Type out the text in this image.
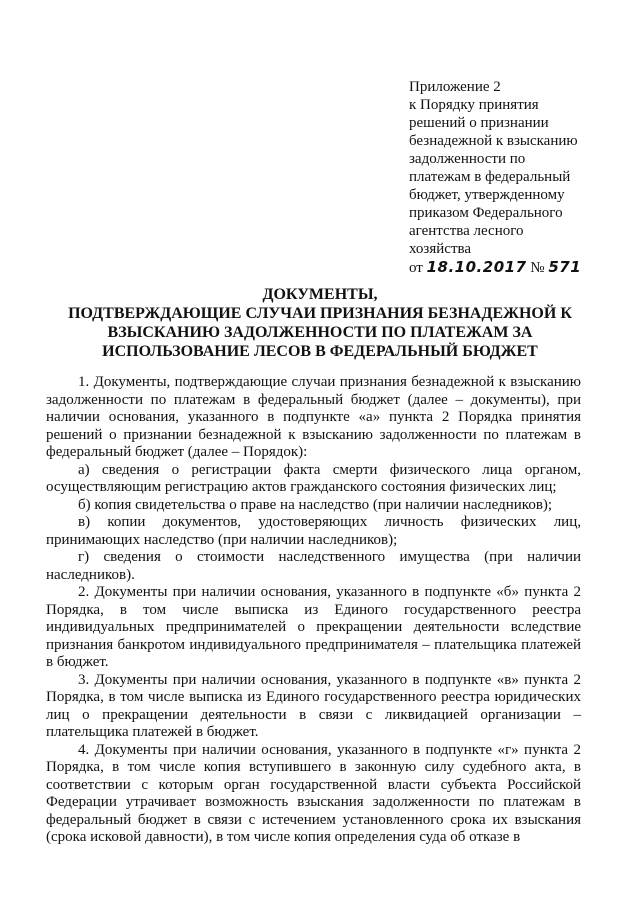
Приложение 2
к Порядку принятия
решений о признании
безнадежной к взысканию
задолженности по
платежам в федеральный
бюджет, утвержденному
приказом Федерального
агентства лесного
хозяйства
от 18.10.2017 № 571
ДОКУМЕНТЫ,
ПОДТВЕРЖДАЮЩИЕ СЛУЧАИ ПРИЗНАНИЯ БЕЗНАДЕЖНОЙ К
ВЗЫСКАНИЮ ЗАДОЛЖЕННОСТИ ПО ПЛАТЕЖАМ ЗА
ИСПОЛЬЗОВАНИЕ ЛЕСОВ В ФЕДЕРАЛЬНЫЙ БЮДЖЕТ

1. Документы, подтверждающие случаи признания безнадежной к взысканию задолженности по платежам в федеральный бюджет (далее – документы), при наличии основания, указанного в подпункте «а» пункта 2 Порядка принятия решений о признании безнадежной к взысканию задолженности по платежам в федеральный бюджет (далее – Порядок):

а) сведения о регистрации факта смерти физического лица органом, осуществляющим регистрацию актов гражданского состояния физических лиц;

б) копия свидетельства о праве на наследство (при наличии наследников);

в) копии документов, удостоверяющих личность физических лиц, принимающих наследство (при наличии наследников);

г) сведения о стоимости наследственного имущества (при наличии наследников).

2. Документы при наличии основания, указанного в подпункте «б» пункта 2 Порядка, в том числе выписка из Единого государственного реестра индивидуальных предпринимателей о прекращении деятельности вследствие признания банкротом индивидуального предпринимателя – плательщика платежей в бюджет.

3. Документы при наличии основания, указанного в подпункте «в» пункта 2 Порядка, в том числе выписка из Единого государственного реестра юридических лиц о прекращении деятельности в связи с ликвидацией организации – плательщика платежей в бюджет.

4. Документы при наличии основания, указанного в подпункте «г» пункта 2 Порядка, в том числе копия вступившего в законную силу судебного акта, в соответствии с которым орган государственной власти субъекта Российской Федерации утрачивает возможность взыскания задолженности по платежам в федеральный бюджет в связи с истечением установленного срока их взыскания (срока исковой давности), в том числе копия определения суда об отказе в
